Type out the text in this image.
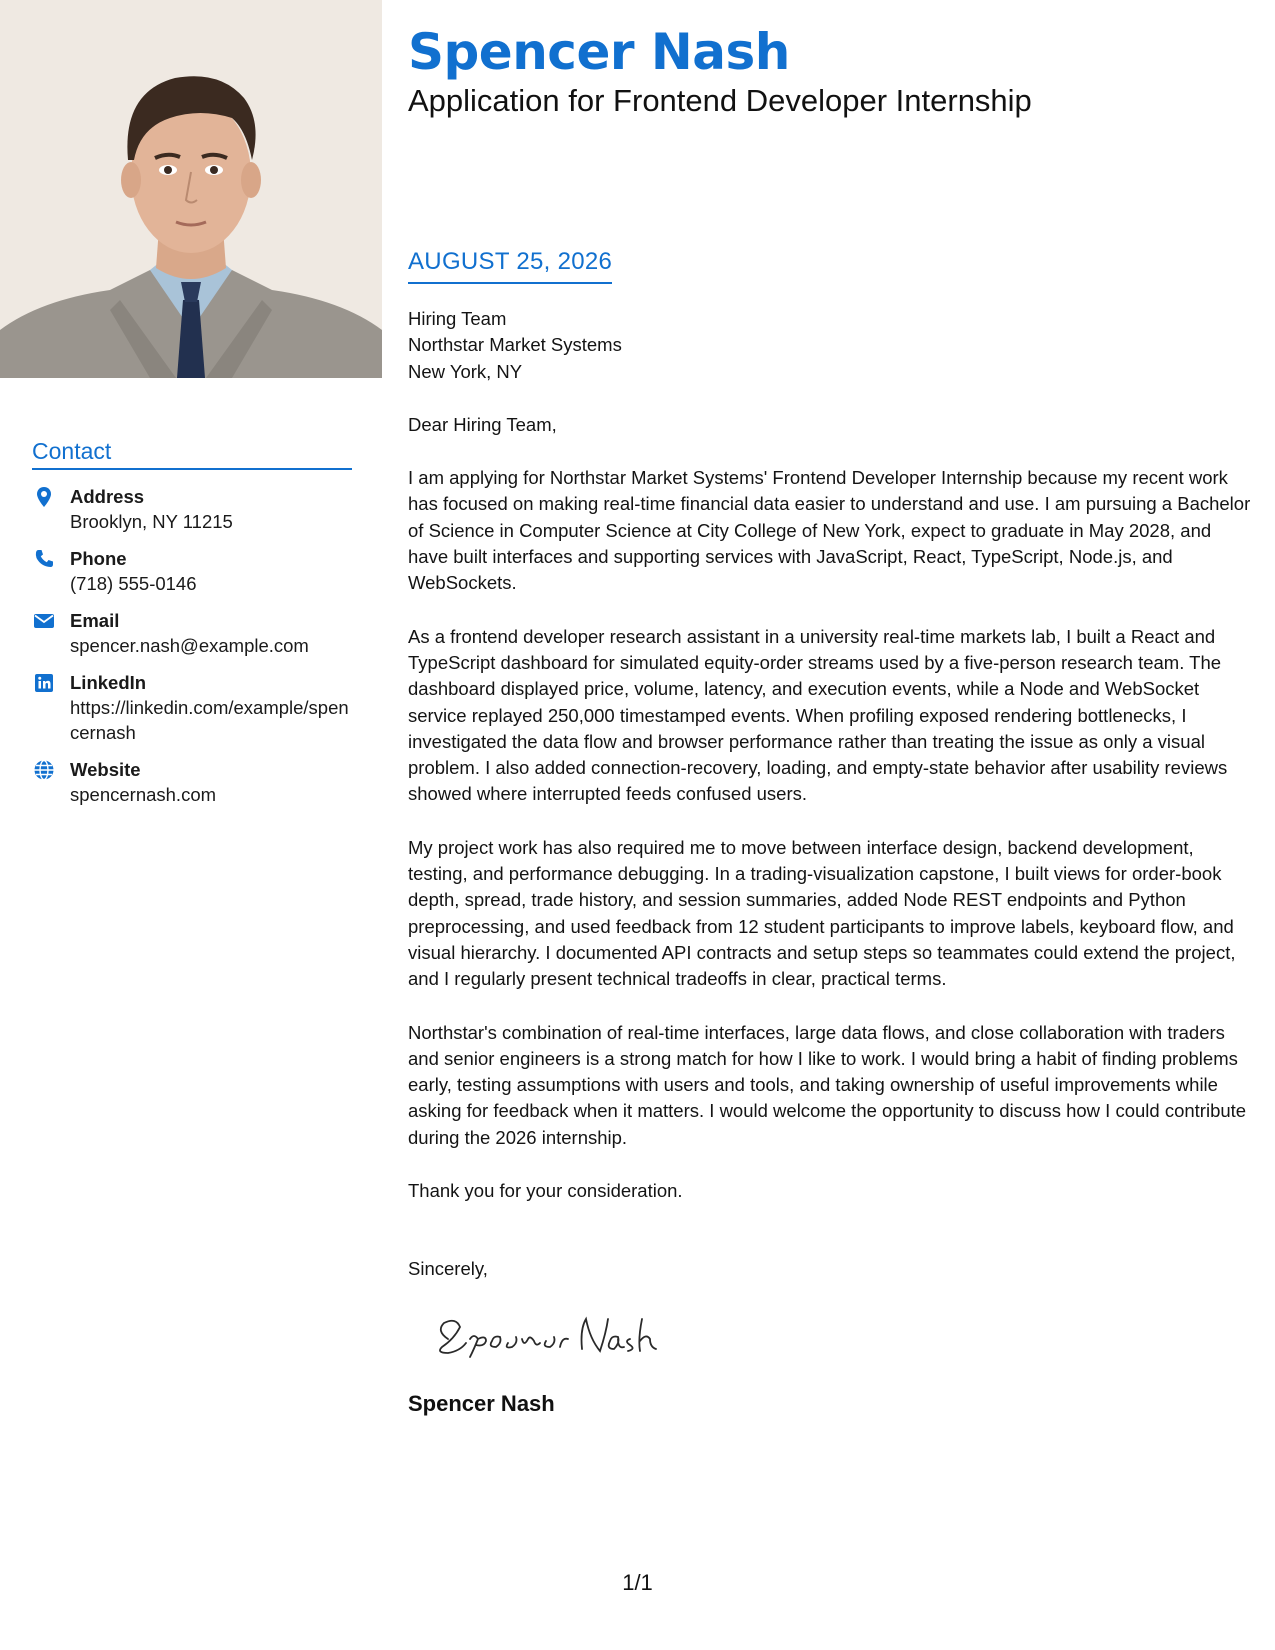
Spencer Nash
Application for Frontend Developer Internship
AUGUST 25, 2026
Hiring Team
Northstar Market Systems
New York, NY

Dear Hiring Team,

I am applying for Northstar Market Systems' Frontend Developer Internship because my recent work has focused on making real-time financial data easier to understand and use. I am pursuing a Bachelor of Science in Computer Science at City College of New York, expect to graduate in May 2028, and have built interfaces and supporting services with JavaScript, React, TypeScript, Node.js, and WebSockets.

As a frontend developer research assistant in a university real-time markets lab, I built a React and TypeScript dashboard for simulated equity-order streams used by a five-person research team. The dashboard displayed price, volume, latency, and execution events, while a Node and WebSocket service replayed 250,000 timestamped events. When profiling exposed rendering bottlenecks, I investigated the data flow and browser performance rather than treating the issue as only a visual problem. I also added connection-recovery, loading, and empty-state behavior after usability reviews showed where interrupted feeds confused users.

My project work has also required me to move between interface design, backend development, testing, and performance debugging. In a trading-visualization capstone, I built views for order-book depth, spread, trade history, and session summaries, added Node REST endpoints and Python preprocessing, and used feedback from 12 student participants to improve labels, keyboard flow, and visual hierarchy. I documented API contracts and setup steps so teammates could extend the project, and I regularly present technical tradeoffs in clear, practical terms.

Northstar's combination of real-time interfaces, large data flows, and close collaboration with traders and senior engineers is a strong match for how I like to work. I would bring a habit of finding problems early, testing assumptions with users and tools, and taking ownership of useful improvements while asking for feedback when it matters. I would welcome the opportunity to discuss how I could contribute during the 2026 internship.

Thank you for your consideration.

Sincerely,
Spencer Nash
Contact
Address
Brooklyn, NY 11215
Phone
(718) 555-0146
Email
spencer.nash@example.com
LinkedIn
https://linkedin.com/example/spencernash
Website
spencernash.com
1/1
